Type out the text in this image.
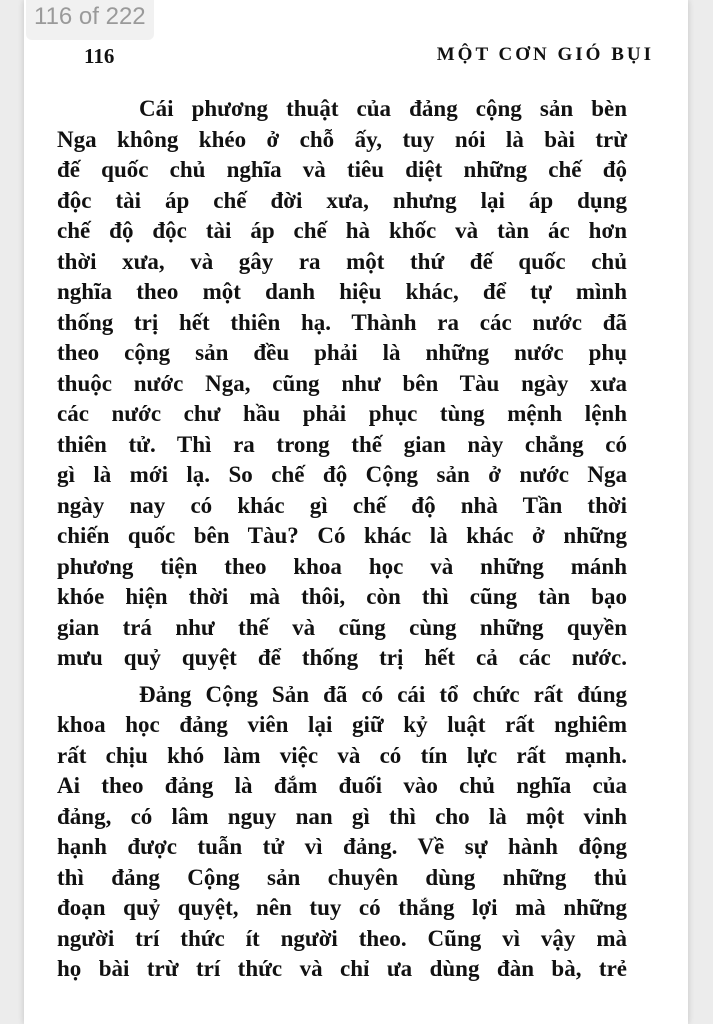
116 of 222
116	MỘT CƠN GIÓ BỤI
Cái phương thuật của đảng cộng sản bèn
Nga không khéo ở chỗ ấy, tuy nói là bài trừ
đế quốc chủ nghĩa và tiêu diệt những chế độ
độc tài áp chế đời xưa, nhưng lại áp dụng
chế độ độc tài áp chế hà khốc và tàn ác hơn
thời xưa, và gây ra một thứ đế quốc chủ
nghĩa theo một danh hiệu khác, để tự mình
thống trị hết thiên hạ. Thành ra các nước đã
theo cộng sản đều phải là những nước phụ
thuộc nước Nga, cũng như bên Tàu ngày xưa
các nước chư hầu phải phục tùng mệnh lệnh
thiên tử. Thì ra trong thế gian này chẳng có
gì là mới lạ. So chế độ Cộng sản ở nước Nga
ngày nay có khác gì chế độ nhà Tần thời
chiến quốc bên Tàu? Có khác là khác ở những
phương tiện theo khoa học và những mánh
khóe hiện thời mà thôi, còn thì cũng tàn bạo
gian trá như thế và cũng cùng những quyền
mưu quỷ quyệt để thống trị hết cả các nước.
Đảng Cộng Sản đã có cái tổ chức rất đúng
khoa học đảng viên lại giữ kỷ luật rất nghiêm
rất chịu khó làm việc và có tín lực rất mạnh.
Ai theo đảng là đắm đuối vào chủ nghĩa của
đảng, có lâm nguy nan gì thì cho là một vinh
hạnh được tuẫn tử vì đảng. Về sự hành động
thì đảng Cộng sản chuyên dùng những thủ
đoạn quỷ quyệt, nên tuy có thắng lợi mà những
người trí thức ít người theo. Cũng vì vậy mà
họ bài trừ trí thức và chỉ ưa dùng đàn bà, trẻ
